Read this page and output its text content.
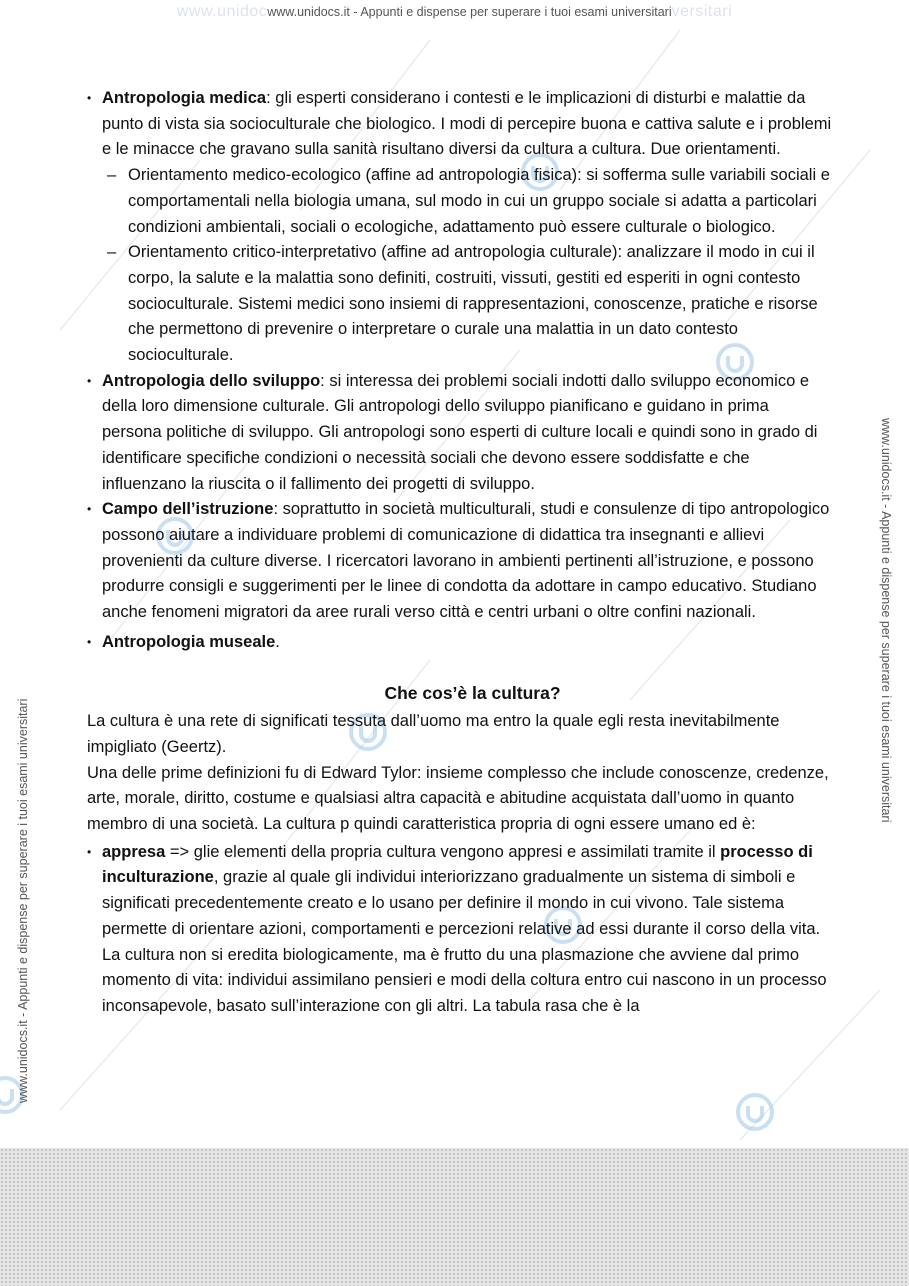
www.unidocwww.unidocs.it - Appunti e dispense per superare i tuoi esami universitariversitari
www.unidocs.it - Appunti e dispense per superare i tuoi esami universitari
www.unidocs.it - Appunti e dispense per superare i tuoi esami universitari
• Antropologia medica: gli esperti considerano i contesti e le implicazioni di disturbi e malattie da punto di vista sia socioculturale che biologico. I modi di percepire buona e cattiva salute e i problemi e le minacce che gravano sulla sanità risultano diversi da cultura a cultura. Due orientamenti.
– Orientamento medico-ecologico (affine ad antropologia fisica): si sofferma sulle variabili sociali e comportamentali nella biologia umana, sul modo in cui un gruppo sociale si adatta a particolari condizioni ambientali, sociali o ecologiche, adattamento può essere culturale o biologico.
– Orientamento critico-interpretativo (affine ad antropologia culturale): analizzare il modo in cui il corpo, la salute e la malattia sono definiti, costruiti, vissuti, gestiti ed esperiti in ogni contesto socioculturale. Sistemi medici sono insiemi di rappresentazioni, conoscenze, pratiche e risorse che permettono di prevenire o interpretare o curale una malattia in un dato contesto socioculturale.
• Antropologia dello sviluppo: si interessa dei problemi sociali indotti dallo sviluppo economico e della loro dimensione culturale. Gli antropologi dello sviluppo pianificano e guidano in prima persona politiche di sviluppo. Gli antropologi sono esperti di culture locali e quindi sono in grado di identificare specifiche condizioni o necessità sociali che devono essere soddisfatte e che influenzano la riuscita o il fallimento dei progetti di sviluppo.
• Campo dell’istruzione: soprattutto in società multiculturali, studi e consulenze di tipo antropologico possono aiutare a individuare problemi di comunicazione di didattica tra insegnanti e allievi provenienti da culture diverse. I ricercatori lavorano in ambienti pertinenti all’istruzione, e possono produrre consigli e suggerimenti per le linee di condotta da adottare in campo educativo. Studiano anche fenomeni migratori da aree rurali verso città e centri urbani o oltre confini nazionali.
• Antropologia museale.
Che cos’è la cultura?

La cultura è una rete di significati tessuta dall’uomo ma entro la quale egli resta inevitabilmente impigliato (Geertz).

Una delle prime definizioni fu di Edward Tylor: insieme complesso che include conoscenze, credenze, arte, morale, diritto, costume e qualsiasi altra capacità e abitudine acquistata dall’uomo in quanto membro di una società. La cultura p quindi caratteristica propria di ogni essere umano ed è:

• appresa => glie elementi della propria cultura vengono appresi e assimilati tramite il processo di inculturazione, grazie al quale gli individui interiorizzano gradualmente un sistema di simboli e significati precedentemente creato e lo usano per definire il mondo in cui vivono. Tale sistema permette di orientare azioni, comportamenti e percezioni relative ad essi durante il corso della vita. La cultura non si eredita biologicamente, ma è frutto du una plasmazione che avviene dal primo momento di vita: individui assimilano pensieri e modi della coltura entro cui nascono in un processo inconsapevole, basato sull’interazione con gli altri. La tabula rasa che è la
